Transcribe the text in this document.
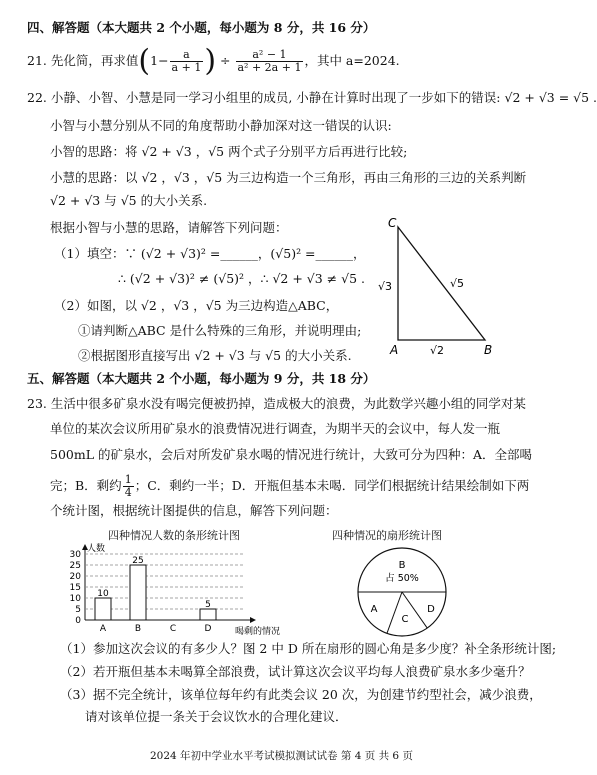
四、解答题（本大题共 2 个小题，每小题为 8 分，共 16 分）
21. 先化简，再求值($1- \frac{a}{a + 1}$ ) ÷ $\frac{\text{a² − 1}}{\text{a² + 2a + 1}}$ ，其中 a=2024.
22. 小静、小智、小慧是同一学习小组里的成员, 小静在计算时出现了一步如下的错误: √2 + √3 = √5 .
小智与小慧分别从不同的角度帮助小静加深对这一错误的认识:
小智的思路：将 √2 + √3 ，√5 两个式子分别平方后再进行比较;
小慧的思路：以 √2 ，√3 ，√5 为三边构造一个三角形，再由三角形的三边的关系判断
√2 + √3 与 √5 的大小关系.
根据小智与小慧的思路，请解答下列问题：
（1）填空：∵ (√2 + √3)² =______，(√5)² =______，
∴ (√2 + √3)² ≠ (√5)² ，∴ √2 + √3 ≠ √5 .
（2）如图，以 √2 ，√3 ，√5 为三边构造△ABC，
①请判断△ABC 是什么特殊的三角形，并说明理由;
②根据图形直接写出 √2 + √3 与 √5 的大小关系.
C
A	B
√3	√5
√2
五、解答题（本大题共 2 个小题，每小题为 9 分，共 18 分）
23. 生活中很多矿泉水没有喝完便被扔掉，造成极大的浪费，为此数学兴趣小组的同学对某
单位的某次会议所用矿泉水的浪费情况进行调查，为期半天的会议中，每人发一瓶
500mL 的矿泉水，会后对所发矿泉水喝的情况进行统计，大致可分为四种：A．全部喝
完；B．剩约 $\frac{1}{4}$ ；C．剩约一半；D．开瓶但基本未喝．同学们根据统计结果绘制如下两
个统计图，根据统计图提供的信息，解答下列问题：
四种情况人数的条形统计图	四种情况的扇形统计图
5
10
15
20
25
30
0
人数
喝剩的情况
10
A
25
B	C
5
D
B
占 50%
A
C
D
（1）参加这次会议的有多少人？图 2 中 D 所在扇形的圆心角是多少度？补全条形统计图;
（2）若开瓶但基本未喝算全部浪费，试计算这次会议平均每人浪费矿泉水多少毫升？
（3）据不完全统计，该单位每年约有此类会议 20 次，为创建节约型社会，减少浪费，
请对该单位提一条关于会议饮水的合理化建议．
2024 年初中学业水平考试模拟测试试卷 第 4 页 共 6 页
